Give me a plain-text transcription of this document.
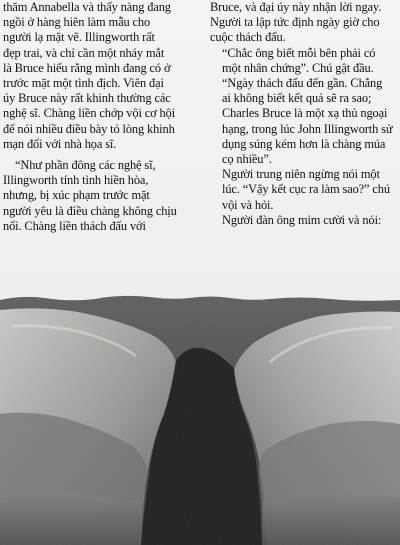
thăm Annabella và thấy nàng đang
ngồi ở hàng hiên làm mẫu cho
người lạ mặt vẽ. Illingworth rất
đẹp trai, và chỉ cần một nháy mắt
là Bruce hiểu rằng mình đang có ở
trước mặt một tình địch. Viên đại
úy Bruce này rất khinh thường các
nghệ sĩ. Chàng liền chớp vội cơ hội
để nói nhiều điều bày tỏ lòng khinh
mạn đối với nhà họa sĩ.

“Như phần đông các nghệ sĩ,

Illingworth tính tình hiền hòa,
nhưng, bị xúc phạm trước mặt
người yêu là điều chàng không chịu
nổi. Chàng liền thách đấu với

Bruce, và đại úy này nhận lời ngay.
Người ta lập tức định ngày giờ cho
cuộc thách đấu.

“Chắc ông biết mỗi bên phải có
một nhân chứng”. Chú gật đầu.

“Ngày thách đấu đến gần. Chẳng
ai không biết kết quả sẽ ra sao;
Charles Bruce là một xạ thủ ngoại
hạng, trong lúc John Illingworth sử
dụng súng kém hơn là chàng múa
cọ nhiều”.

Người trung niên ngừng nói một
lúc. “Vậy kết cục ra làm sao?” chú
vội và hỏi.

Người đàn ông mỉm cười và nói:
